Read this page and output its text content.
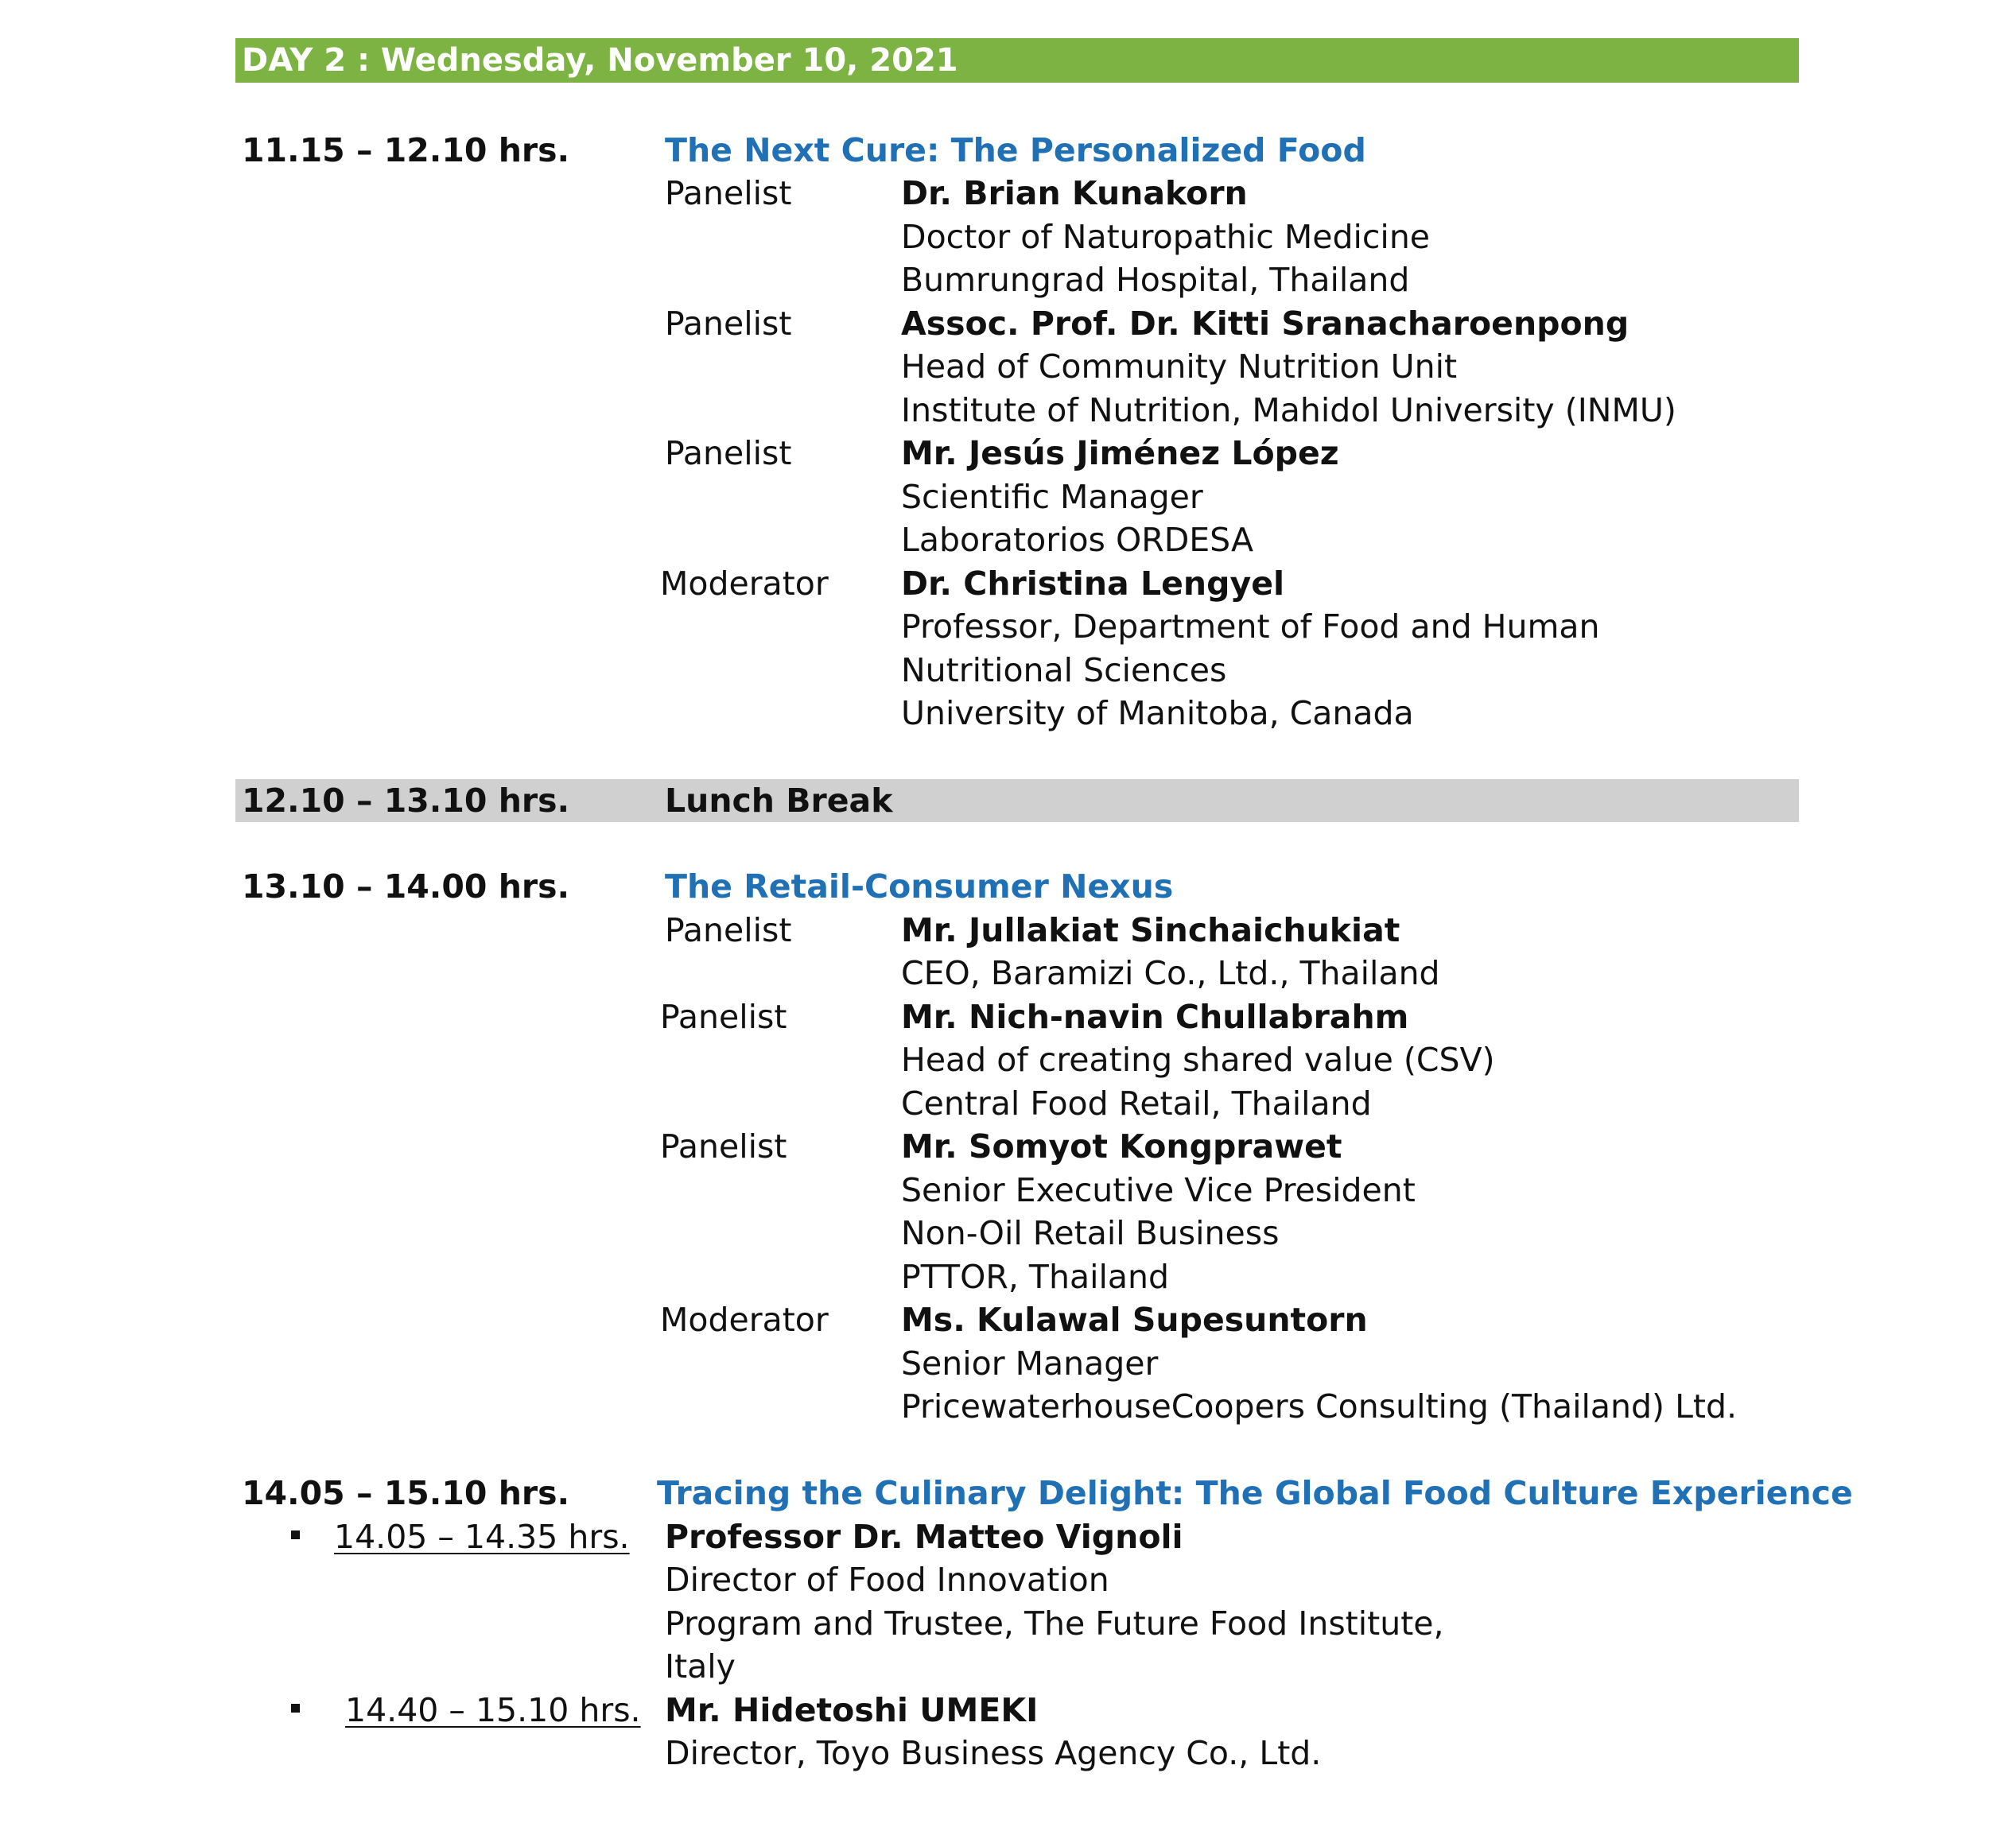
DAY 2 : Wednesday, November 10, 2021
11.15 – 12.10 hrs.	The Next Cure: The Personalized Food
Panelist	Dr. Brian Kunakorn
Doctor of Naturopathic Medicine
Bumrungrad Hospital, Thailand
Panelist	Assoc. Prof. Dr. Kitti Sranacharoenpong
Head of Community Nutrition Unit
Institute of Nutrition, Mahidol University (INMU)
Panelist	Mr. Jesús Jiménez López
Scientific Manager
Laboratorios ORDESA
Moderator Dr. Christina Lengyel
Professor, Department of Food and Human
Nutritional Sciences
University of Manitoba, Canada
12.10 – 13.10 hrs.	Lunch Break
13.10 – 14.00 hrs.	The Retail-Consumer Nexus
Panelist	Mr. Jullakiat Sinchaichukiat
CEO, Baramizi Co., Ltd., Thailand
Panelist	Mr. Nich-navin Chullabrahm
Head of creating shared value (CSV)
Central Food Retail, Thailand
Panelist	Mr. Somyot Kongprawet
Senior Executive Vice President
Non-Oil Retail Business
PTTOR, Thailand
Moderator Ms. Kulawal Supesuntorn
Senior Manager
PricewaterhouseCoopers Consulting (Thailand) Ltd.
14.05 – 15.10 hrs.	Tracing the Culinary Delight: The Global Food Culture Experience
14.05 – 14.35 hrs. Professor Dr. Matteo Vignoli
Director of Food Innovation
Program and Trustee, The Future Food Institute,
Italy
14.40 – 15.10 hrs. Mr. Hidetoshi UMEKI
Director, Toyo Business Agency Co., Ltd.
